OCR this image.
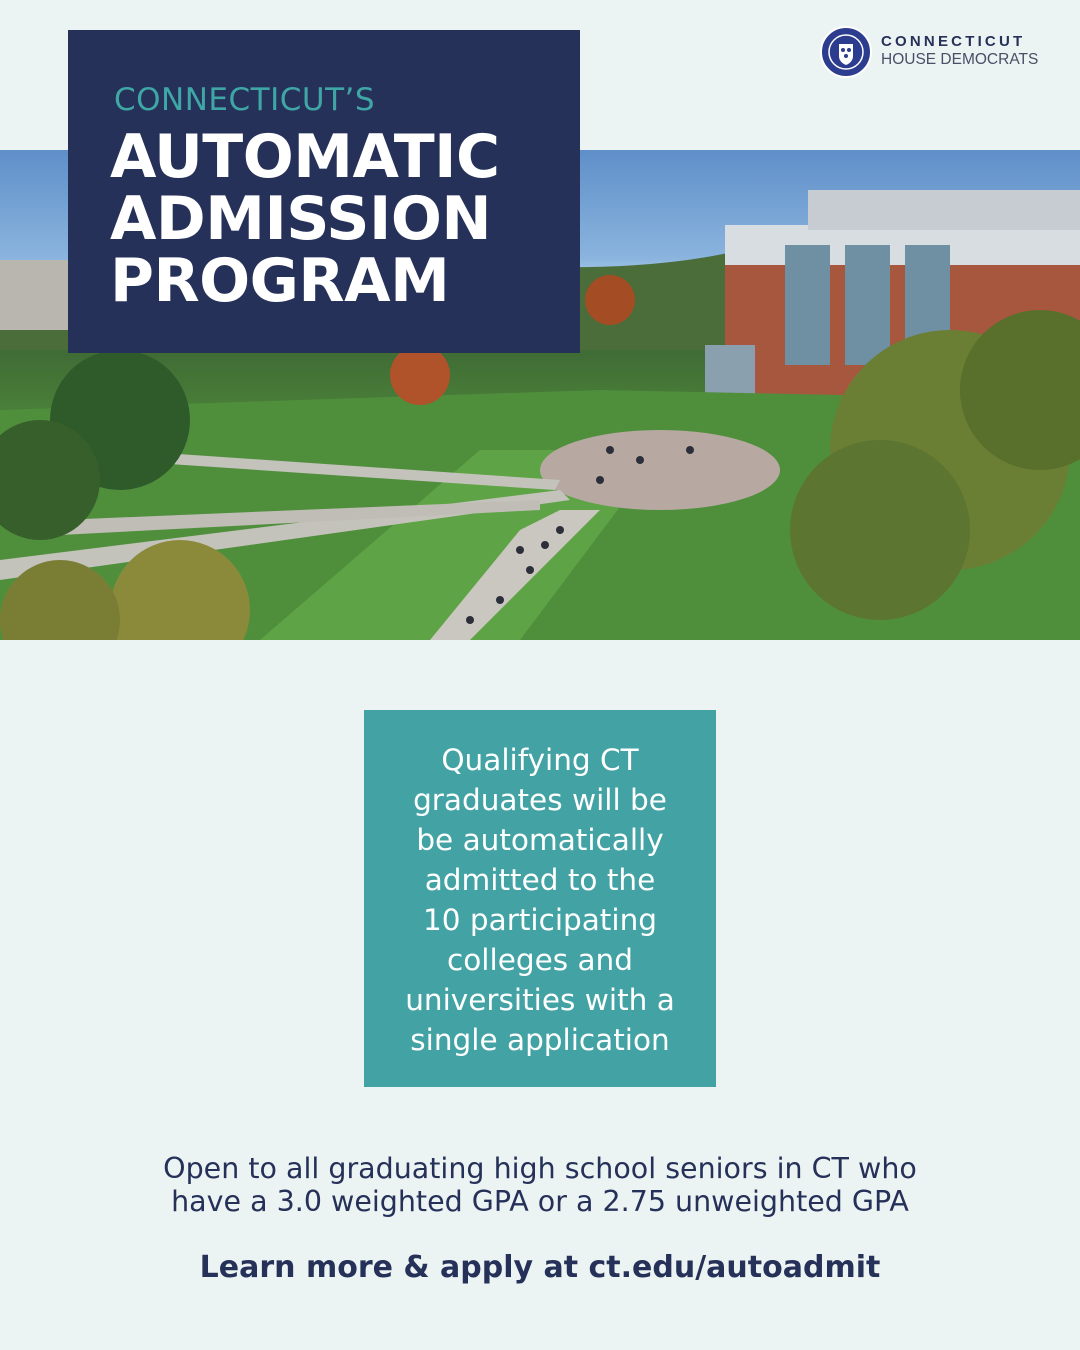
CONNECTICUT’S
AUTOMATIC
ADMISSION
PROGRAM
CONNECTICUT
HOUSE DEMOCRATS
Qualifying CT
graduates will be
be automatically
admitted to the
10 participating
colleges and
universities with a
single application
Open to all graduating high school seniors in CT who
have a 3.0 weighted GPA or a 2.75 unweighted GPA
Learn more & apply at ct.edu/autoadmit
